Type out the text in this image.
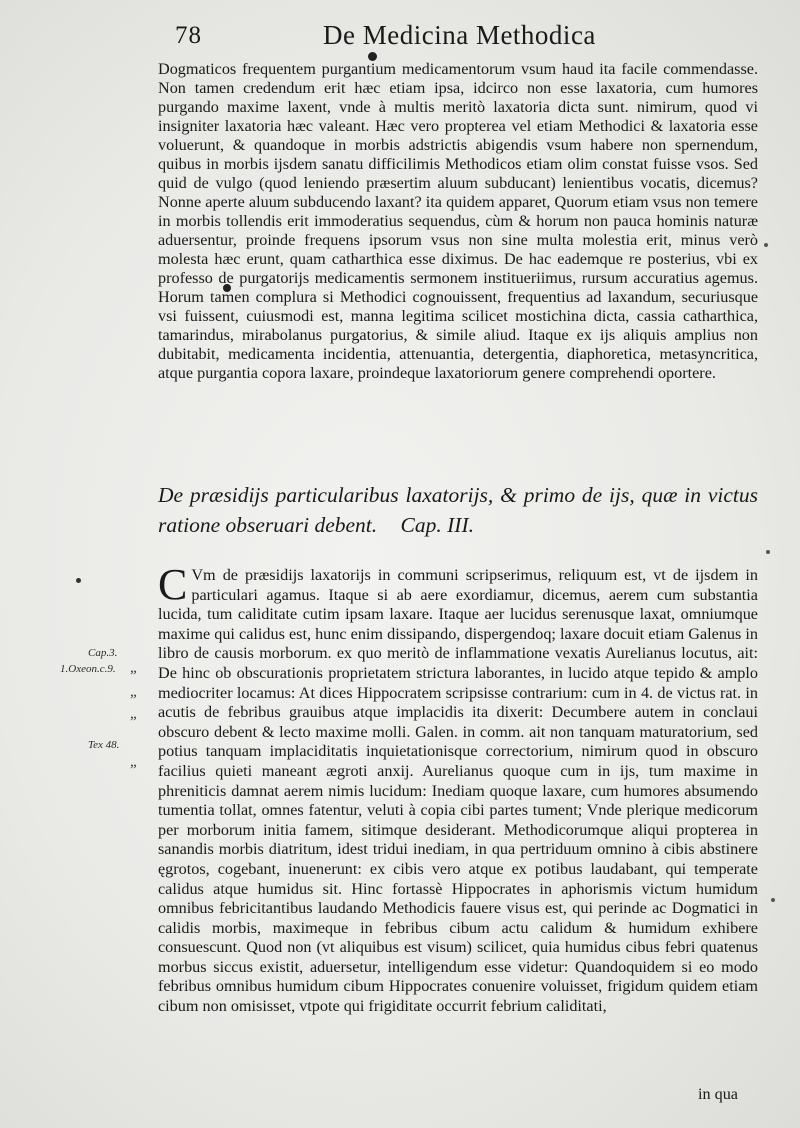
78	De Medicina Methodica

Dogmaticos frequentem purgantium medicamentorum vsum haud ita facile commendasse. Non tamen credendum erit hæc etiam ipsa, idcirco non esse laxatoria, cum humores purgando maxime laxent, vnde à multis meritò laxatoria dicta sunt. nimirum, quod vi insigniter laxatoria hæc valeant. Hæc vero propterea vel etiam Methodici & laxatoria esse voluerunt, & quandoque in morbis adstrictis abigendis vsum habere non spernendum, quibus in morbis ijsdem sanatu difficilimis Methodicos etiam olim constat fuisse vsos. Sed quid de vulgo (quod leniendo præsertim aluum subducant) lenientibus vocatis, dicemus? Nonne aperte aluum subducendo laxant? ita quidem apparet, Quorum etiam vsus non temere in morbis tollendis erit immoderatius sequendus, cùm & horum non pauca hominis naturæ aduersentur, proinde frequens ipsorum vsus non sine multa molestia erit, minus verò molesta hæc erunt, quam catharthica esse diximus. De hac eademque re posterius, vbi ex professo de purgatorijs medicamentis sermonem institueriimus, rursum accuratius agemus. Horum tamen complura si Methodici cognouissent, frequentius ad laxandum, securiusque vsi fuissent, cuiusmodi est, manna legitima scilicet mostichina dicta, cassia catharthica, tamarindus, mirabolanus purgatorius, & simile aliud. Itaque ex ijs aliquis amplius non dubitabit, medicamenta incidentia, attenuantia, detergentia, diaphoretica, metasyncritica, atque purgantia copora laxare, proindeque laxatoriorum genere comprehendi oportere.

De præsidijs particularibus laxatorijs, & primo de ijs, quæ in victus ratione obseruari debent. Cap. III.

C Vm de præsidijs laxatorijs in communi scripserimus, reliquum est, vt de ijsdem in particulari agamus. Itaque si ab aere exordiamur, dicemus, aerem cum substantia lucida, tum caliditate cutim ipsam laxare. Itaque aer lucidus serenusque laxat, omniumque maxime qui calidus est, hunc enim dissipando, dispergendoq; laxare docuit etiam Galenus in libro de causis morborum. ex quo meritò de inflammatione vexatis Aurelianus locutus, ait: De hinc ob obscurationis proprietatem strictura laborantes, in lucido atque tepido & amplo mediocriter locamus: At dices Hippocratem scripsisse contrarium: cum in 4. de victus rat. in acutis de febribus grauibus atque implacidis ita dixerit: Decumbere autem in conclaui obscuro debent & lecto maxime molli. Galen. in comm. ait non tanquam maturatorium, sed potius tanquam implaciditatis inquietationisque correctorium, nimirum quod in obscuro facilius quieti maneant ægroti anxij. Aurelianus quoque cum in ijs, tum maxime in phreniticis damnat aerem nimis lucidum: Inediam quoque laxare, cum humores absumendo tumentia tollat, omnes fatentur, veluti à copia cibi partes tument; Vnde plerique medicorum per morborum initia famem, sitimque desiderant. Methodicorumque aliqui propterea in sanandis morbis diatritum, idest tridui inediam, in qua pertriduum omnino à cibis abstinere ęgrotos, cogebant, inuenerunt: ex cibis vero atque ex potibus laudabant, qui temperate calidus atque humidus sit. Hinc fortassè Hippocrates in aphorismis victum humidum omnibus febricitantibus laudando Methodicis fauere visus est, qui perinde ac Dogmatici in calidis morbis, maximeque in febribus cibum actu calidum & humidum exhibere consuescunt. Quod non (vt aliquibus est visum) scilicet, quia humidus cibus febri quatenus morbus siccus existit, aduersetur, intelligendum esse videtur: Quandoquidem si eo modo febribus omnibus humidum cibum Hippocrates conuenire voluisset, frigidum quidem etiam cibum non omisisset, vtpote qui frigiditate occurrit febrium caliditati,
in qua
Cap.3.
1.Oxeon.c.9.
Tex 48.
„
„
„
„
